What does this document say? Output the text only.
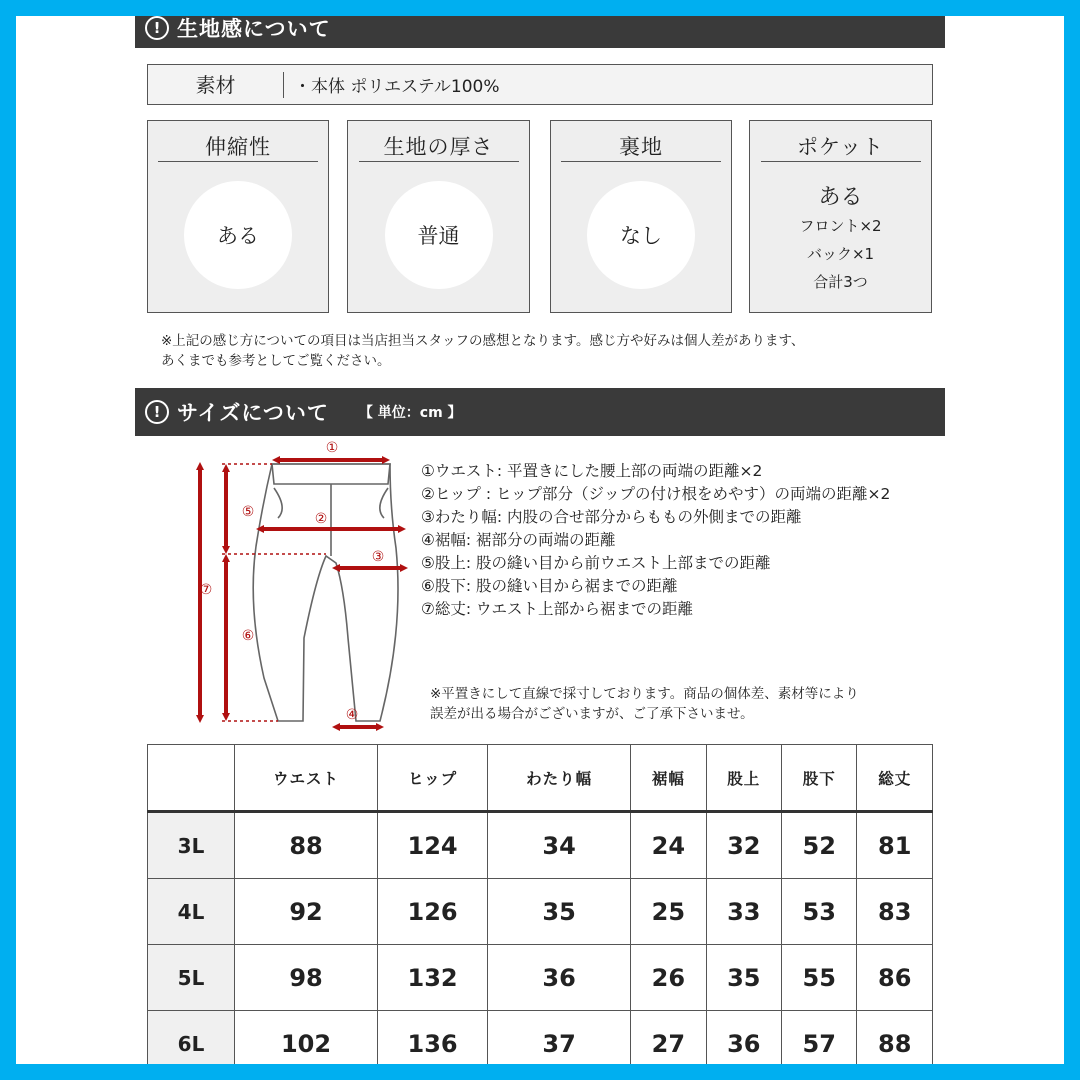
! 生地感について
素材	・本体 ポリエステル100%
伸縮性
ある
生地の厚さ
普通
裏地
なし
ポケット
ある
フロント×2
バック×1
合計3つ
※上記の感じ方についての項目は当店担当スタッフの感想となります。感じ方や好みは個人差があります、
あくまでも参考としてご覧ください。
! サイズについて 【 単位：cm 】
①
②
③
④
⑤
⑥
⑦
①ウエスト: 平置きにした腰上部の両端の距離×2
②ヒップ : ヒップ部分（ジップの付け根をめやす）の両端の距離×2
③わたり幅: 内股の合せ部分からももの外側までの距離
④裾幅: 裾部分の両端の距離
⑤股上: 股の縫い目から前ウエスト上部までの距離
⑥股下: 股の縫い目から裾までの距離
⑦総丈: ウエスト上部から裾までの距離
※平置きにして直線で採寸しております。商品の個体差、素材等により
誤差が出る場合がございますが、ご了承下さいませ。
	ウエスト	ヒップ	わたり幅	裾幅	股上	股下	総丈
3L	88	124	34	24	32	52	81
4L	92	126	35	25	33	53	83
5L	98	132	36	26	35	55	86
6L	102	136	37	27	36	57	88
